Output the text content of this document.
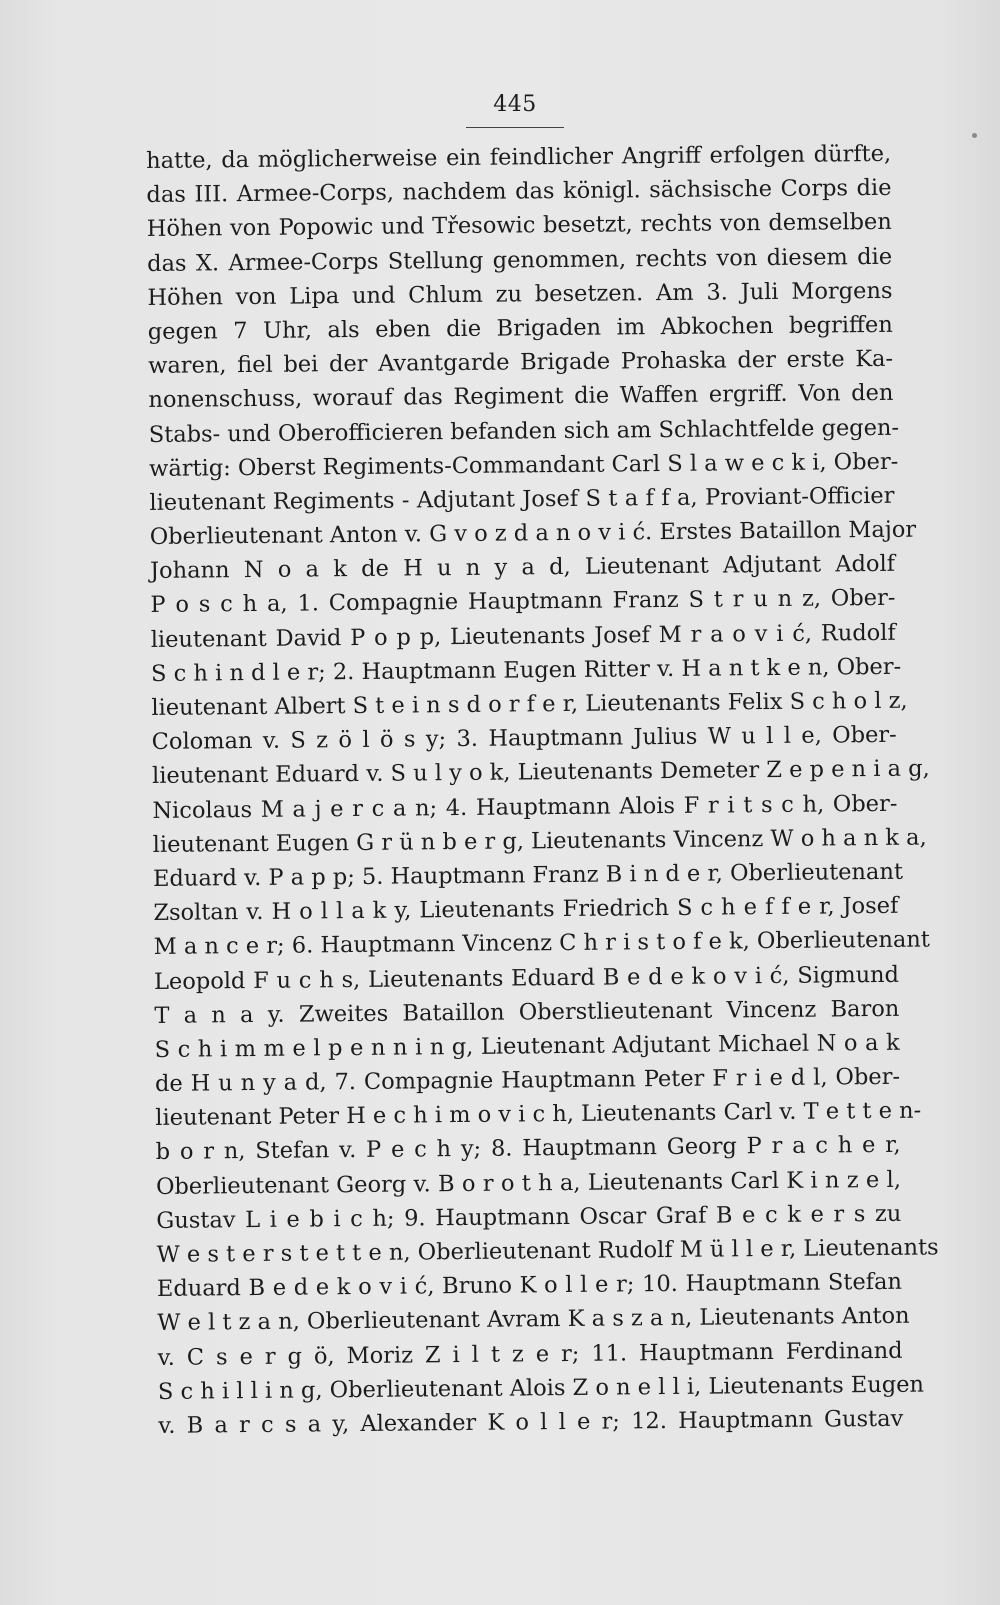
445
hatte, da möglicherweise ein feindlicher Angriff erfolgen dürfte,
das III. Armee-Corps, nachdem das königl. sächsische Corps die
Höhen von Popowic und Třesowic besetzt, rechts von demselben
das X. Armee-Corps Stellung genommen, rechts von diesem die
Höhen von Lipa und Chlum zu besetzen. Am 3. Juli Morgens
gegen 7 Uhr, als eben die Brigaden im Abkochen begriffen
waren, fiel bei der Avantgarde Brigade Prohaska der erste Ka-
nonenschuss, worauf das Regiment die Waffen ergriff. Von den
Stabs- und Oberofficieren befanden sich am Schlachtfelde gegen-
wärtig: Oberst Regiments-Commandant Carl S l a w e c k i, Ober-
lieutenant Regiments - Adjutant Josef S t a f f a, Proviant-Officier
Oberlieutenant Anton v. G v o z d a n o v i ć. Erstes Bataillon Major
Johann N o a k de H u n y a d, Lieutenant Adjutant Adolf
P o s c h a, 1. Compagnie Hauptmann Franz S t r u n z, Ober-
lieutenant David P o p p, Lieutenants Josef M r a o v i ć, Rudolf
S c h i n d l e r; 2. Hauptmann Eugen Ritter v. H a n t k e n, Ober-
lieutenant Albert S t e i n s d o r f e r, Lieutenants Felix S c h o l z,
Coloman v. S z ö l ö s y; 3. Hauptmann Julius W u l l e, Ober-
lieutenant Eduard v. S u l y o k, Lieutenants Demeter Z e p e n i a g,
Nicolaus M a j e r c a n; 4. Hauptmann Alois F r i t s c h, Ober-
lieutenant Eugen G r ü n b e r g, Lieutenants Vincenz W o h a n k a,
Eduard v. P a p p; 5. Hauptmann Franz B i n d e r, Oberlieutenant
Zsoltan v. H o l l a k y, Lieutenants Friedrich S c h e f f e r, Josef
M a n c e r; 6. Hauptmann Vincenz C h r i s t o f e k, Oberlieutenant
Leopold F u c h s, Lieutenants Eduard B e d e k o v i ć, Sigmund
T a n a y. Zweites Bataillon Oberstlieutenant Vincenz Baron
S c h i m m e l p e n n i n g, Lieutenant Adjutant Michael N o a k
de H u n y a d, 7. Compagnie Hauptmann Peter F r i e d l, Ober-
lieutenant Peter H e c h i m o v i c h, Lieutenants Carl v. T e t t e n-
b o r n, Stefan v. P e c h y; 8. Hauptmann Georg P r a c h e r,
Oberlieutenant Georg v. B o r o t h a, Lieutenants Carl K i n z e l,
Gustav L i e b i c h; 9. Hauptmann Oscar Graf B e c k e r s zu
W e s t e r s t e t t e n, Oberlieutenant Rudolf M ü l l e r, Lieutenants
Eduard B e d e k o v i ć, Bruno K o l l e r; 10. Hauptmann Stefan
W e l t z a n, Oberlieutenant Avram K a s z a n, Lieutenants Anton
v. C s e r g ö, Moriz Z i l t z e r; 11. Hauptmann Ferdinand
S c h i l l i n g, Oberlieutenant Alois Z o n e l l i, Lieutenants Eugen
v. B a r c s a y, Alexander K o l l e r; 12. Hauptmann Gustav
